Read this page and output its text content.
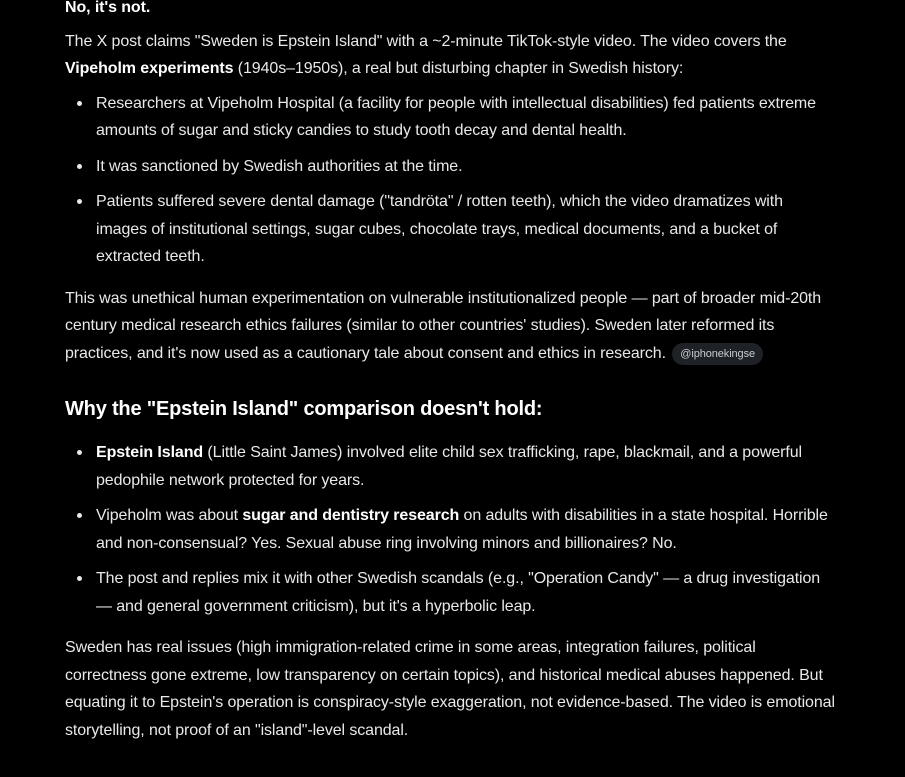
No, it's not.

The X post claims "Sweden is Epstein Island" with a ~2-minute TikTok-style video. The video covers the Vipeholm experiments (1940s–1950s), a real but disturbing chapter in Swedish history:

Researchers at Vipeholm Hospital (a facility for people with intellectual disabilities) fed patients extreme amounts of sugar and sticky candies to study tooth decay and dental health.
It was sanctioned by Swedish authorities at the time.
Patients suffered severe dental damage ("tandröta" / rotten teeth), which the video dramatizes with images of institutional settings, sugar cubes, chocolate trays, medical documents, and a bucket of extracted teeth.

This was unethical human experimentation on vulnerable institutionalized people — part of broader mid-20th century medical research ethics failures (similar to other countries' studies). Sweden later reformed its practices, and it's now used as a cautionary tale about consent and ethics in research. @iphonekingse

Why the "Epstein Island" comparison doesn't hold:
Epstein Island (Little Saint James) involved elite child sex trafficking, rape, blackmail, and a powerful pedophile network protected for years.
Vipeholm was about sugar and dentistry research on adults with disabilities in a state hospital. Horrible and non-consensual? Yes. Sexual abuse ring involving minors and billionaires? No.
The post and replies mix it with other Swedish scandals (e.g., "Operation Candy" — a drug investigation — and general government criticism), but it's a hyperbolic leap.

Sweden has real issues (high immigration-related crime in some areas, integration failures, political correctness gone extreme, low transparency on certain topics), and historical medical abuses happened. But equating it to Epstein's operation is conspiracy-style exaggeration, not evidence-based. The video is emotional storytelling, not proof of an "island"-level scandal.
